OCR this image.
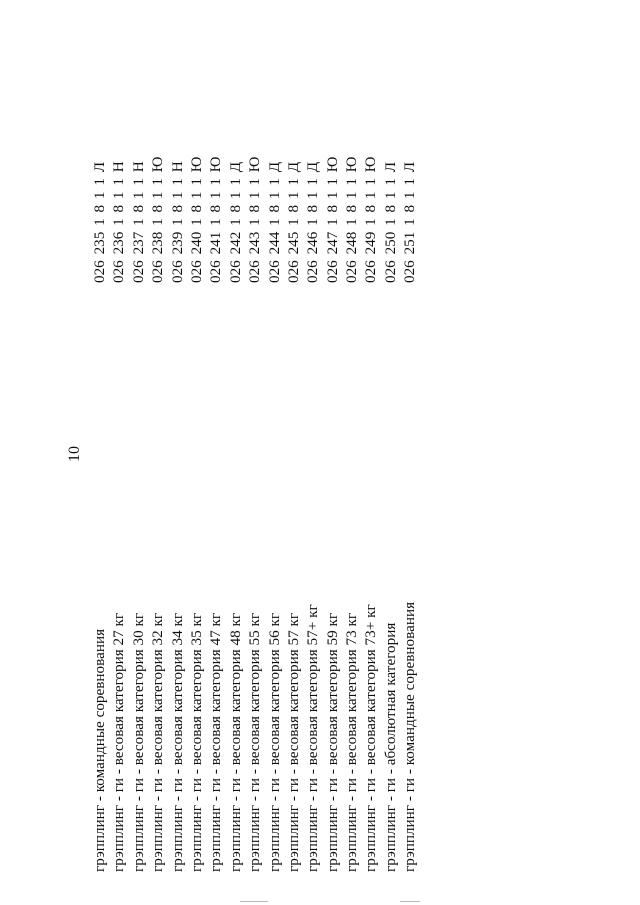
10
грэпплинг - командные соревнования
026 235 1 8 1 1 Л
грэпплинг - ги - весовая категория 27 кг
026 236 1 8 1 1 Н
грэпплинг - ги - весовая категория 30 кг
026 237 1 8 1 1 Н
грэпплинг - ги - весовая категория 32 кг
026 238 1 8 1 1 Ю
грэпплинг - ги - весовая категория 34 кг
026 239 1 8 1 1 Н
грэпплинг - ги - весовая категория 35 кг
026 240 1 8 1 1 Ю
грэпплинг - ги - весовая категория 47 кг
026 241 1 8 1 1 Ю
грэпплинг - ги - весовая категория 48 кг
026 242 1 8 1 1 Д
грэпплинг - ги - весовая категория 55 кг
026 243 1 8 1 1 Ю
грэпплинг - ги - весовая категория 56 кг
026 244 1 8 1 1 Д
грэпплинг - ги - весовая категория 57 кг
026 245 1 8 1 1 Д
грэпплинг - ги - весовая категория 57+ кг
026 246 1 8 1 1 Д
грэпплинг - ги - весовая категория 59 кг
026 247 1 8 1 1 Ю
грэпплинг - ги - весовая категория 73 кг
026 248 1 8 1 1 Ю
грэпплинг - ги - весовая категория 73+ кг
026 249 1 8 1 1 Ю
грэпплинг - ги - абсолютная категория
026 250 1 8 1 1 Л
грэпплинг - ги - командные соревнования
026 251 1 8 1 1 Л
